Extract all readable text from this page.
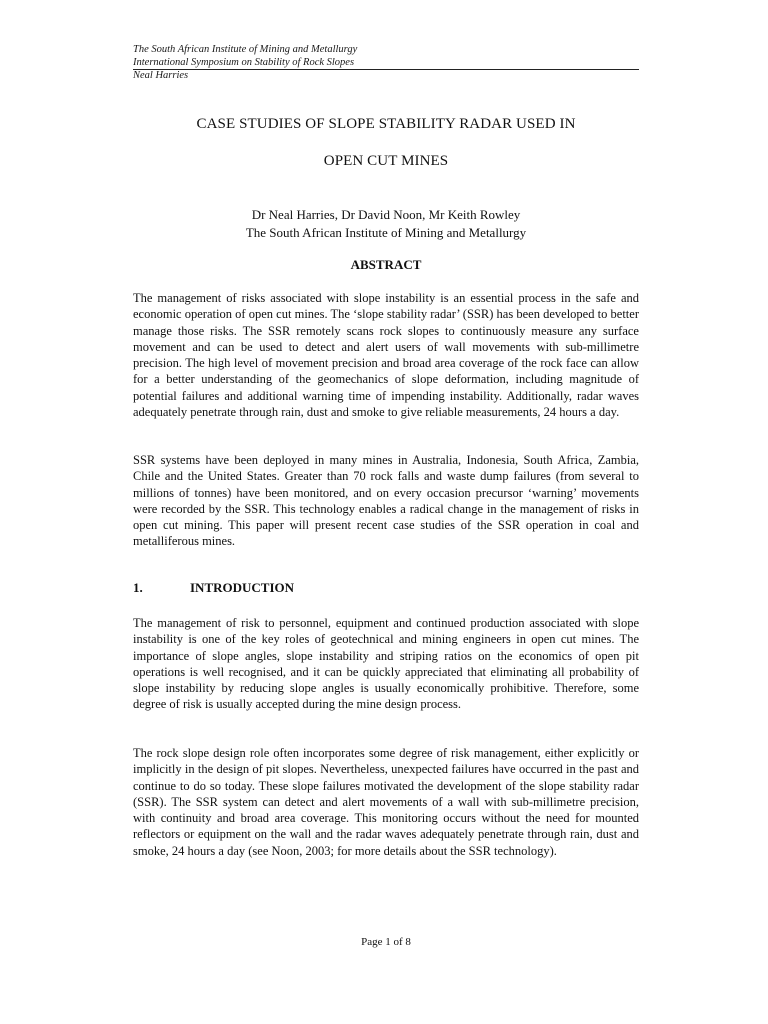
The South African Institute of Mining and Metallurgy
International Symposium on Stability of Rock Slopes
Neal Harries
CASE STUDIES OF SLOPE STABILITY RADAR USED IN
OPEN CUT MINES
Dr Neal Harries, Dr David Noon, Mr Keith Rowley
The South African Institute of Mining and Metallurgy
ABSTRACT

The management of risks associated with slope instability is an essential process in the safe and economic operation of open cut mines. The ‘slope stability radar’ (SSR) has been developed to better manage those risks. The SSR remotely scans rock slopes to continuously measure any surface movement and can be used to detect and alert users of wall movements with sub-millimetre precision. The high level of movement precision and broad area coverage of the rock face can allow for a better understanding of the geomechanics of slope deformation, including magnitude of potential failures and additional warning time of impending instability. Additionally, radar waves adequately penetrate through rain, dust and smoke to give reliable measurements, 24 hours a day.

SSR systems have been deployed in many mines in Australia, Indonesia, South Africa, Zambia, Chile and the United States. Greater than 70 rock falls and waste dump failures (from several to millions of tonnes) have been monitored, and on every occasion precursor ‘warning’ movements were recorded by the SSR. This technology enables a radical change in the management of risks in open cut mining. This paper will present recent case studies of the SSR operation in coal and metalliferous mines.

1.	INTRODUCTION

The management of risk to personnel, equipment and continued production associated with slope instability is one of the key roles of geotechnical and mining engineers in open cut mines. The importance of slope angles, slope instability and striping ratios on the economics of open pit operations is well recognised, and it can be quickly appreciated that eliminating all probability of slope instability by reducing slope angles is usually economically prohibitive. Therefore, some degree of risk is usually accepted during the mine design process.

The rock slope design role often incorporates some degree of risk management, either explicitly or implicitly in the design of pit slopes. Nevertheless, unexpected failures have occurred in the past and continue to do so today. These slope failures motivated the development of the slope stability radar (SSR). The SSR system can detect and alert movements of a wall with sub-millimetre precision, with continuity and broad area coverage. This monitoring occurs without the need for mounted reflectors or equipment on the wall and the radar waves adequately penetrate through rain, dust and smoke, 24 hours a day (see Noon, 2003; for more details about the SSR technology).

Page 1 of 8
